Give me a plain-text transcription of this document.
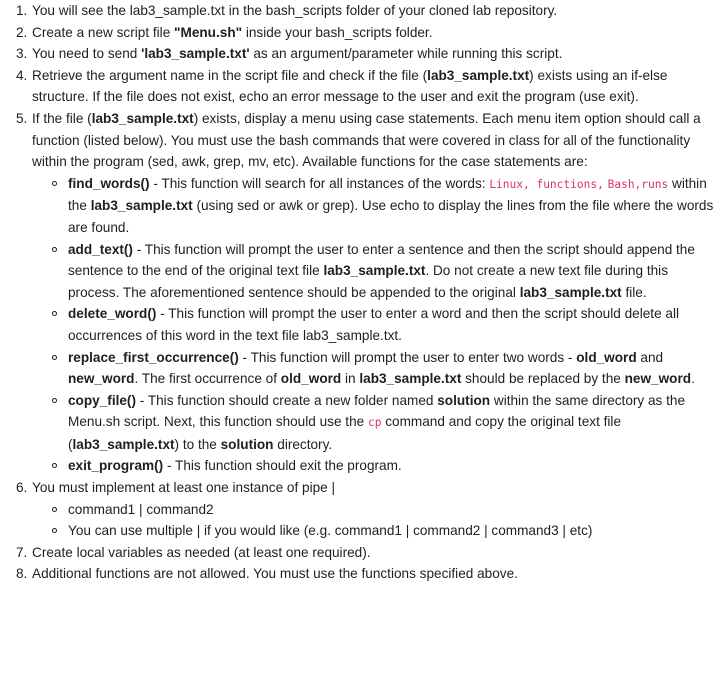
1. You will see the lab3_sample.txt in the bash_scripts folder of your cloned lab repository.
2. Create a new script file "Menu.sh" inside your bash_scripts folder.
3. You need to send 'lab3_sample.txt' as an argument/parameter while running this script.
4. Retrieve the argument name in the script file and check if the file (lab3_sample.txt) exists using an if-else structure. If the file does not exist, echo an error message to the user and exit the program (use exit).
5. If the file (lab3_sample.txt) exists, display a menu using case statements. Each menu item option should call a function (listed below). You must use the bash commands that were covered in class for all of the functionality within the program (sed, awk, grep, mv, etc). Available functions for the case statements are:
find_words() - This function will search for all instances of the words: Linux, functions, Bash,runs within the lab3_sample.txt (using sed or awk or grep). Use echo to display the lines from the file where the words are found.
add_text() - This function will prompt the user to enter a sentence and then the script should append the sentence to the end of the original text file lab3_sample.txt. Do not create a new text file during this process. The aforementioned sentence should be appended to the original lab3_sample.txt file.
delete_word() - This function will prompt the user to enter a word and then the script should delete all occurrences of this word in the text file lab3_sample.txt.
replace_first_occurrence() - This function will prompt the user to enter two words - old_word and new_word. The first occurrence of old_word in lab3_sample.txt should be replaced by the new_word.
copy_file() - This function should create a new folder named solution within the same directory as the Menu.sh script. Next, this function should use the cp command and copy the original text file (lab3_sample.txt) to the solution directory.
exit_program() - This function should exit the program.
6. You must implement at least one instance of pipe |
command1 | command2
You can use multiple | if you would like (e.g. command1 | command2 | command3 | etc)
7. Create local variables as needed (at least one required).
8. Additional functions are not allowed. You must use the functions specified above.
